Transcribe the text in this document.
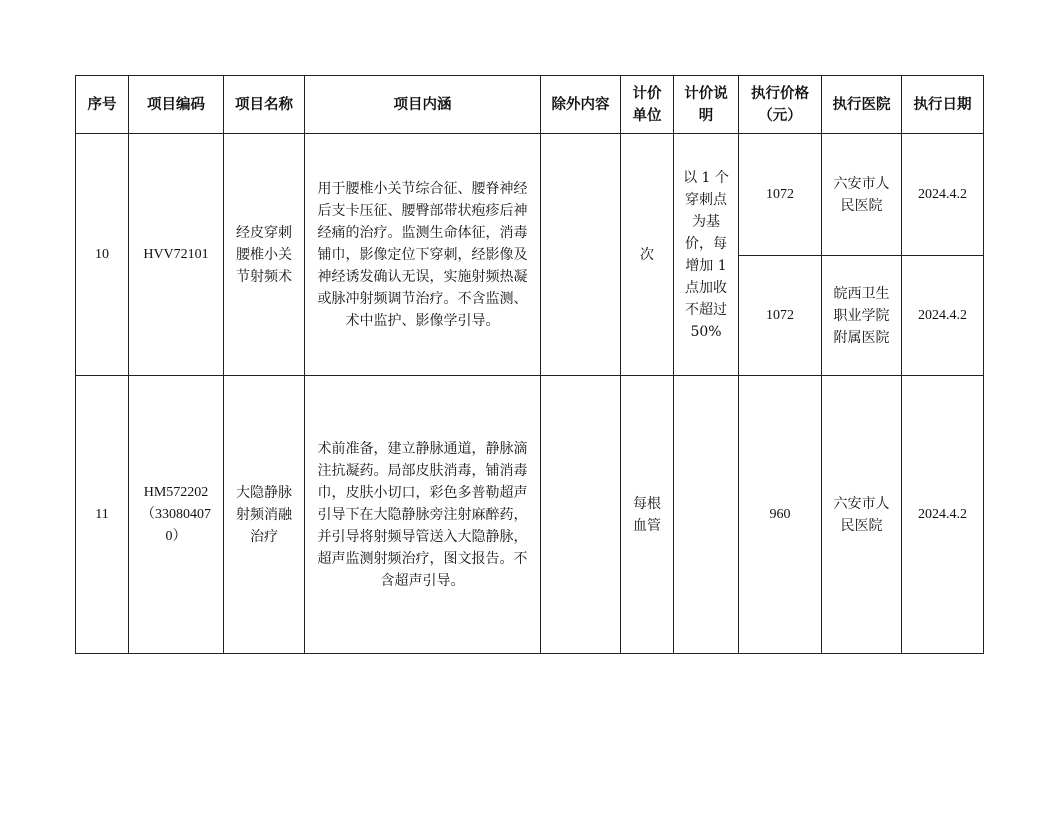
序号	项目编码	项目名称	项目内涵	除外内容	计价单位	计价说明	执行价格（元）	执行医院	执行日期
10	HVV72101	经皮穿刺腰椎小关节射频术	用于腰椎小关节综合征、腰脊神经后支卡压征、腰臀部带状疱疹后神经痛的治疗。监测生命体征，消毒铺巾，影像定位下穿刺，经影像及神经诱发确认无误，实施射频热凝或脉冲射频调节治疗。不含监测、术中监护、影像学引导。		次	以 1 个穿刺点为基价，每增加 1 点加收不超过 50%	1072	六安市人民医院	2024.4.2
							1072	皖西卫生职业学院附属医院	2024.4.2
11	HM572202（330804070）	大隐静脉射频消融治疗	术前准备，建立静脉通道，静脉滴注抗凝药。局部皮肤消毒，铺消毒巾，皮肤小切口，彩色多普勒超声引导下在大隐静脉旁注射麻醉药，并引导将射频导管送入大隐静脉，超声监测射频治疗，图文报告。不含超声引导。		每根血管		960	六安市人民医院	2024.4.2
